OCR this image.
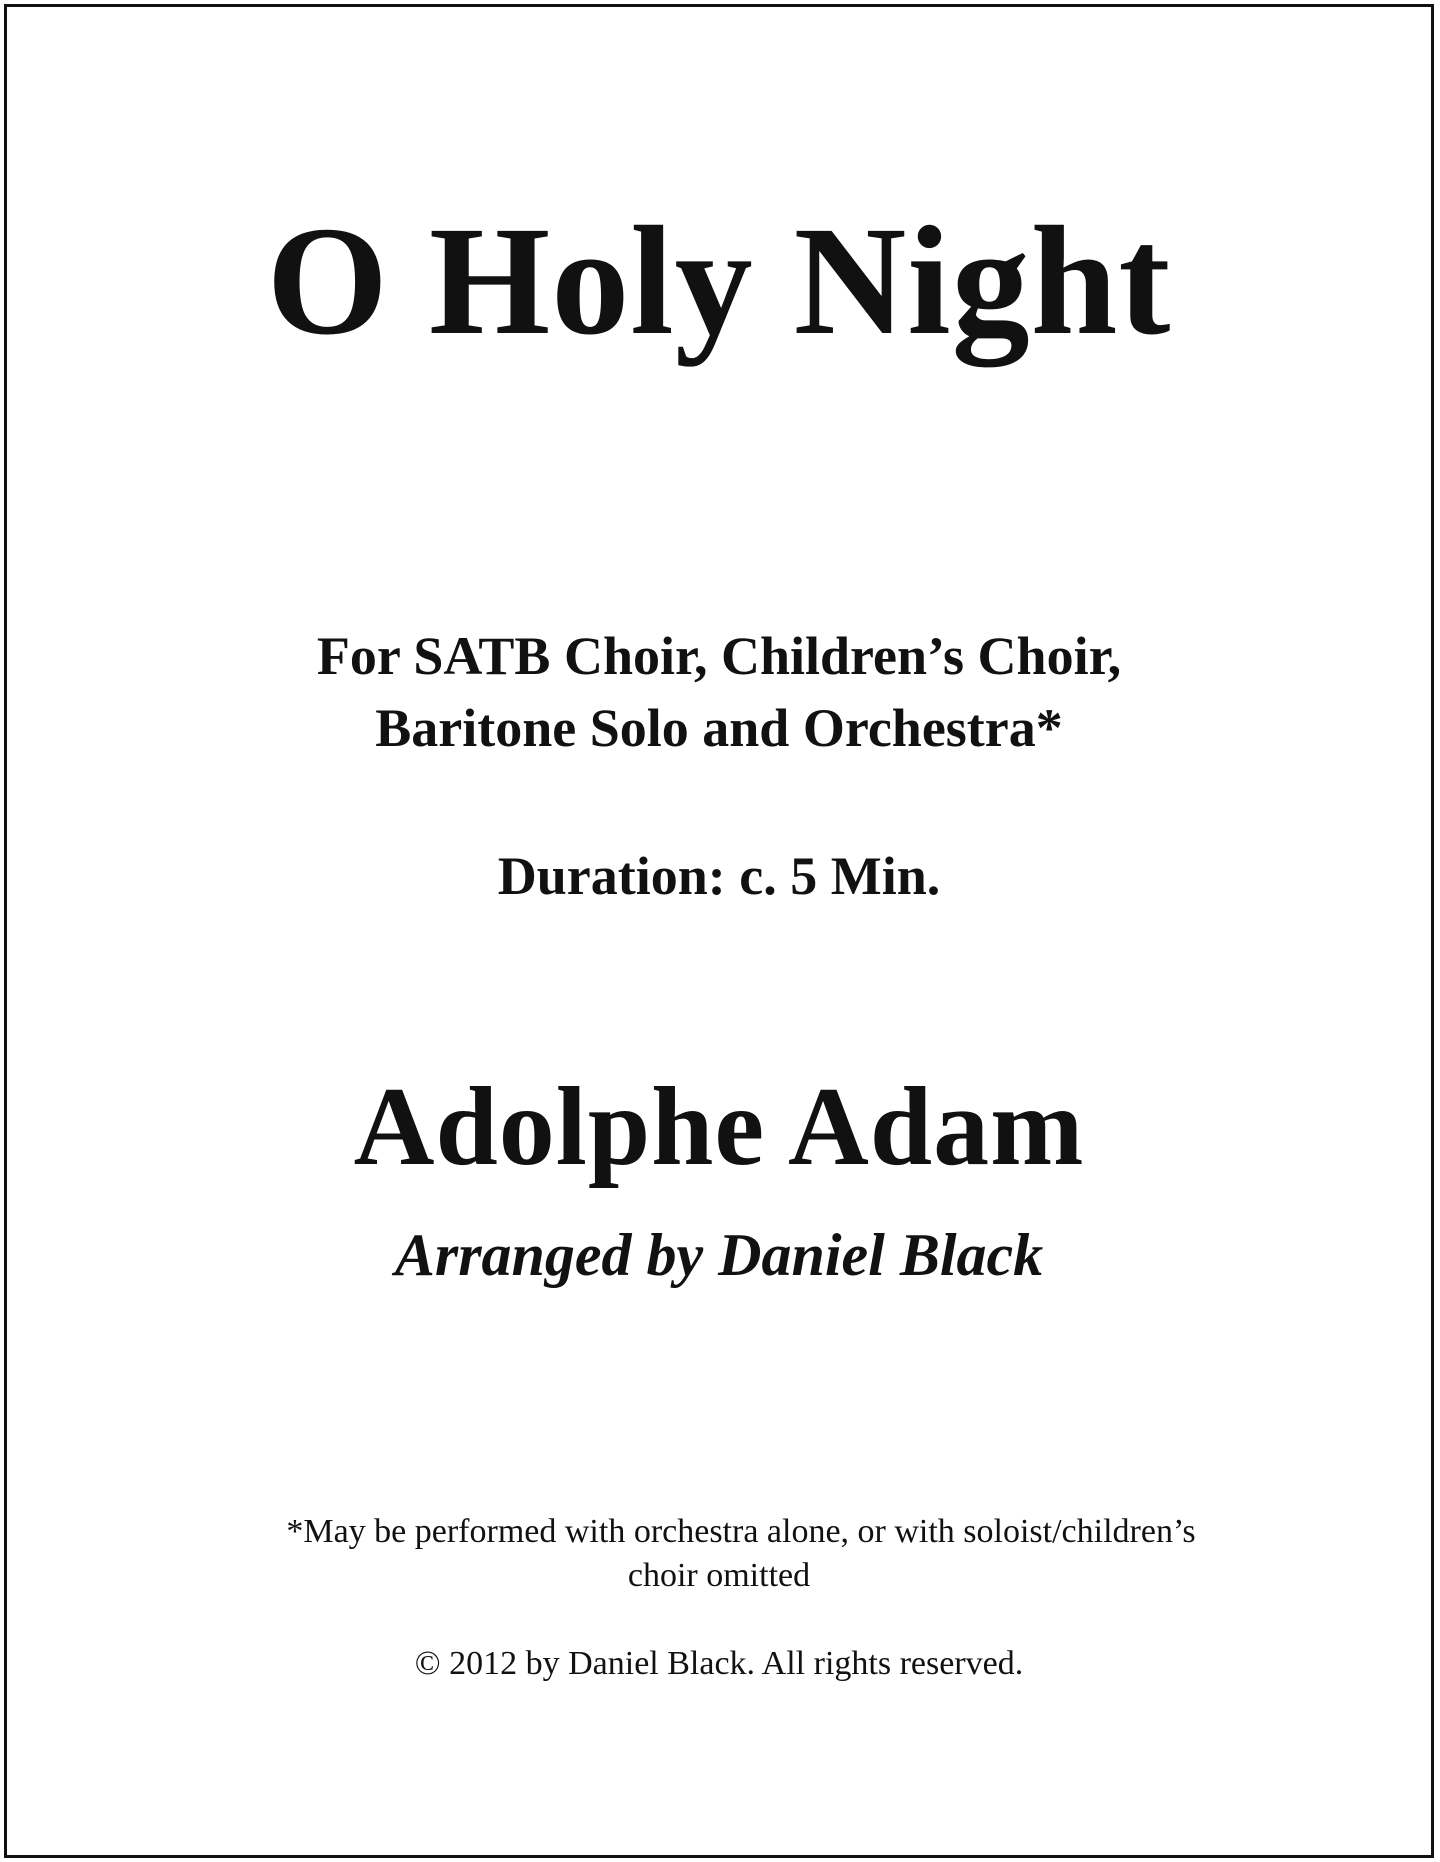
O Holy Night
For SATB Choir, Children’s Choir,
Baritone Solo and Orchestra*
Duration: c. 5 Min.
Adolphe Adam
Arranged by Daniel Black
*May be performed with orchestra alone, or with soloist/children’s
choir omitted
© 2012 by Daniel Black. All rights reserved.
